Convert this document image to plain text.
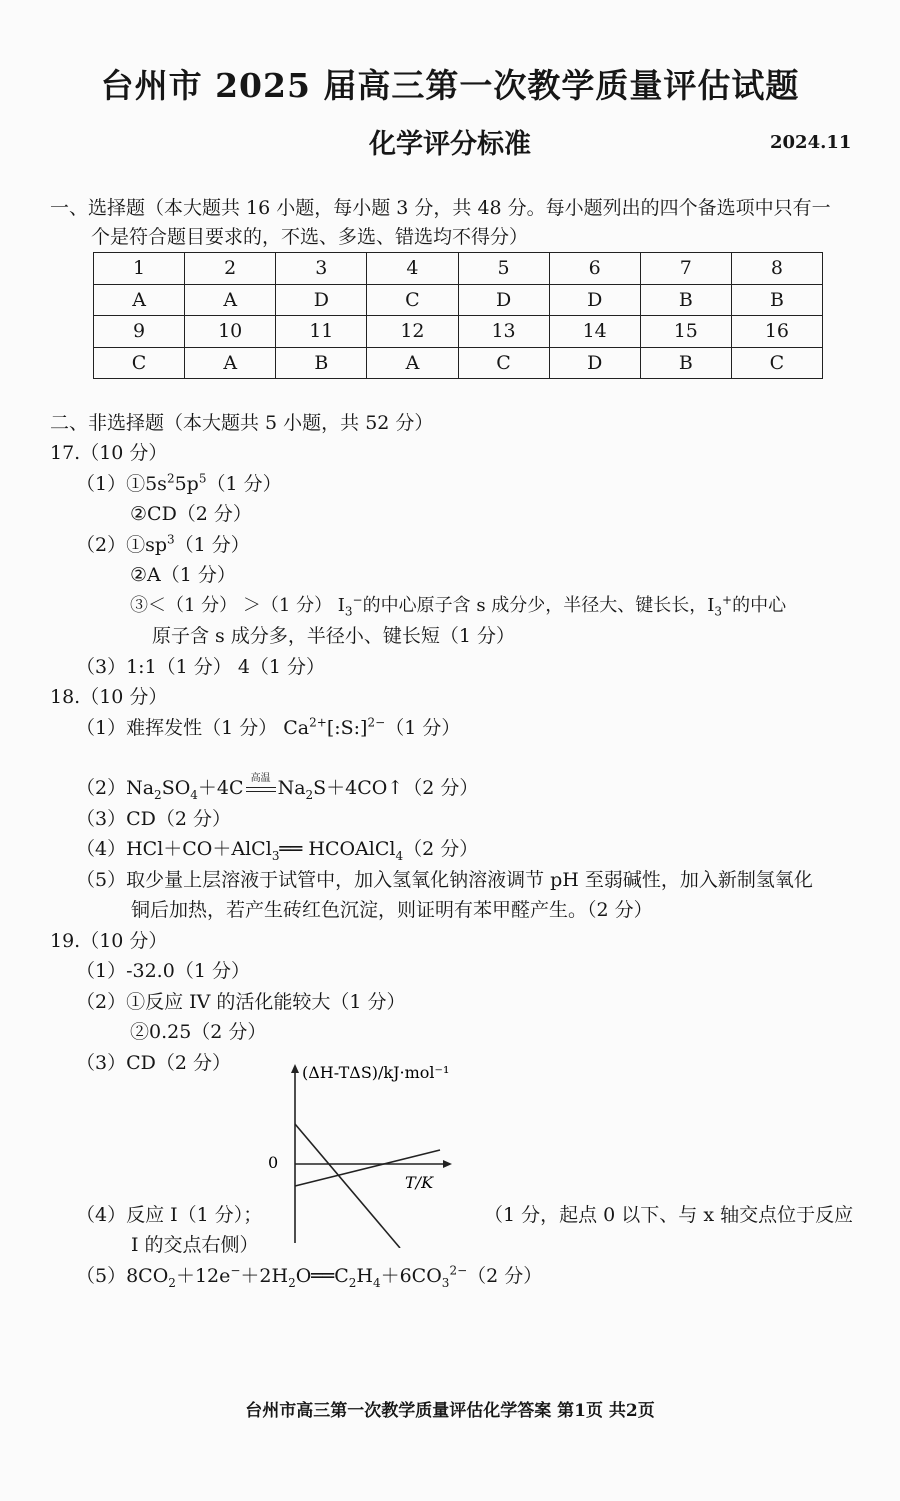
台州市 2025 届高三第一次教学质量评估试题
化学评分标准	2024.11
一、选择题（本大题共 16 小题，每小题 3 分，共 48 分。每小题列出的四个备选项中只有一
个是符合题目要求的，不选、多选、错选均不得分）
1	2	3	4	5	6	7	8
A	A	D	C	D	D	B	B
9	10	11	12	13	14	15	16
C	A	B	A	C	D	B	C
二、非选择题（本大题共 5 小题，共 52 分）
17.（10 分）
$(1)①5s^25p^5(1$ 分）
②CD（2 分）
$(2)①sp^3(1$ 分）
②A（1 分）
③＜（1 分） ＞（1 分） $I_3^-$的中心原子含 s 成分少，半径大、键长长，$I_3^+$的中心
原子含 s 成分多，半径小、键长短（1 分）
（3）1:1（1 分） 4（1 分）
18.（10 分）
（1）难挥发性（1 分） $Ca^{2+}[:S:]^{2-}(1$ 分）
$(2)Na_2SO_4+4C$ 高温 $Na_2S+4CO↑(2$ 分）
（3）CD（2 分）
（4）HCl＋CO＋AlCl$_3$══ HCOAlCl$_4$（2 分）
（5）取少量上层溶液于试管中，加入氢氧化钠溶液调节 pH 至弱碱性，加入新制氢氧化
铜后加热，若产生砖红色沉淀，则证明有苯甲醛产生。（2 分）
19.（10 分）
（1）-32.0（1 分）
（2）①反应 IV 的活化能较大（1 分）
②0.25（2 分）
（3）CD（2 分）	(ΔH-TΔS)/kJ·mol⁻¹
T/K
0
（4）反应 I（1 分）；	（1 分，起点 0 以下、与 x 轴交点位于反应
I 的交点右侧）
$(5)8CO_2+12e^-+2H_2O══C_2H_4+6CO_3^{2-}(2$ 分）
台州市高三第一次教学质量评估化学答案 第1页 共2页
